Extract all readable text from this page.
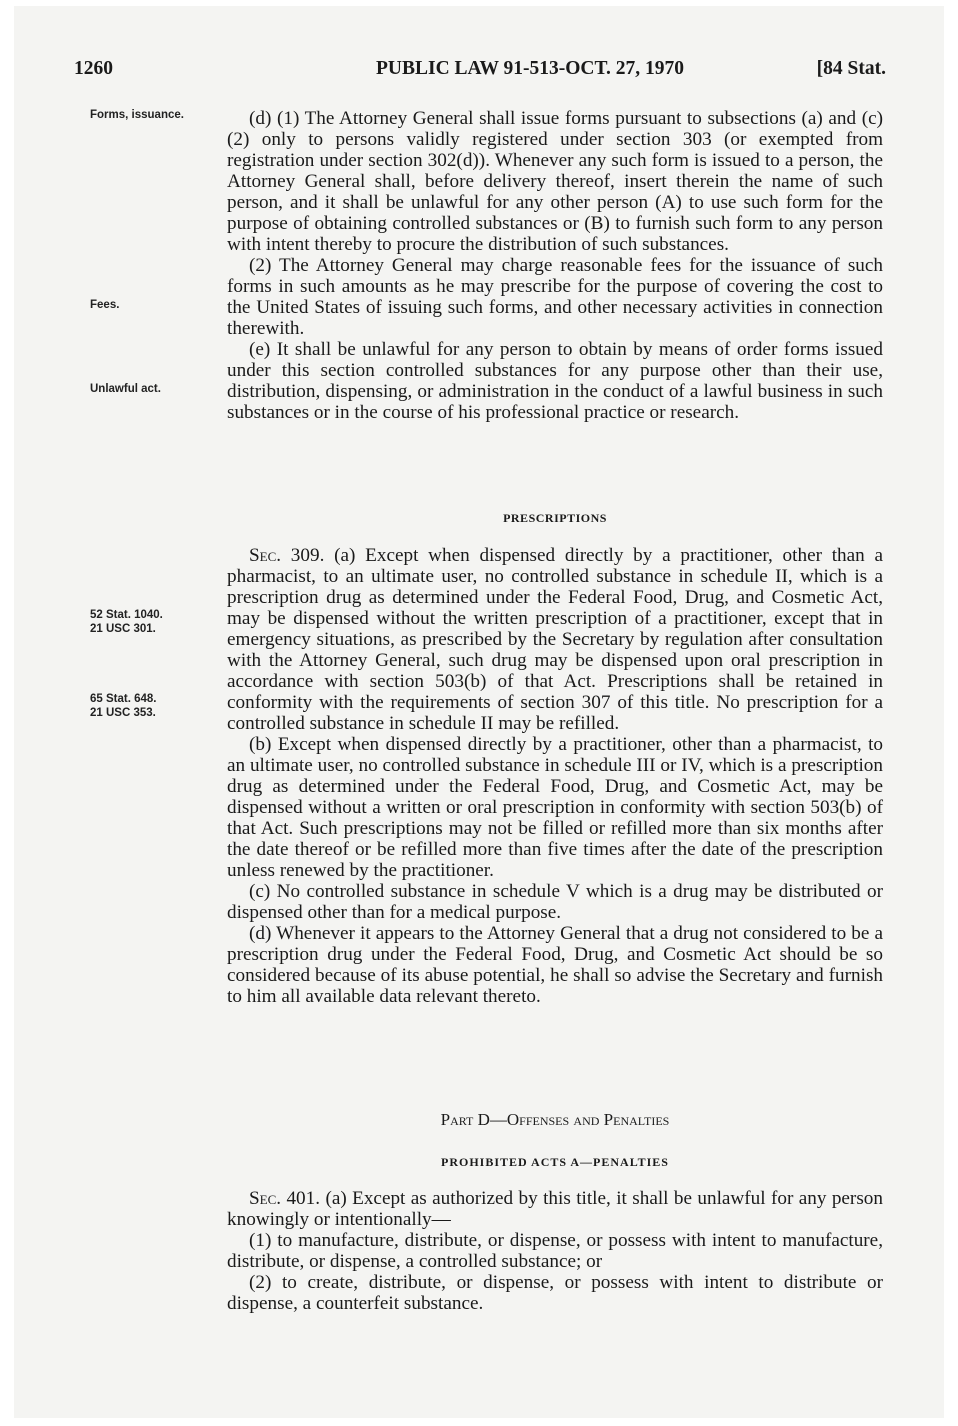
1260	PUBLIC LAW 91-513-OCT. 27, 1970	[84 Stat.
Forms, issuance.
Fees.
Unlawful act.
52 Stat. 1040.
21 USC 301.
65 Stat. 648.
21 USC 353.

(d) (1) The Attorney General shall issue forms pursuant to subsections (a) and (c) (2) only to persons validly registered under section 303 (or exempted from registration under section 302(d)). Whenever any such form is issued to a person, the Attorney General shall, before delivery thereof, insert therein the name of such person, and it shall be unlawful for any other person (A) to use such form for the purpose of obtaining controlled substances or (B) to furnish such form to any person with intent thereby to procure the distribution of such substances.

(2) The Attorney General may charge reasonable fees for the issuance of such forms in such amounts as he may prescribe for the purpose of covering the cost to the United States of issuing such forms, and other necessary activities in connection therewith.

(e) It shall be unlawful for any person to obtain by means of order forms issued under this section controlled substances for any purpose other than their use, distribution, dispensing, or administration in the conduct of a lawful business in such substances or in the course of his professional practice or research.

PRESCRIPTIONS

Sec. 309. (a) Except when dispensed directly by a practitioner, other than a pharmacist, to an ultimate user, no controlled substance in schedule II, which is a prescription drug as determined under the Federal Food, Drug, and Cosmetic Act, may be dispensed without the written prescription of a practitioner, except that in emergency situations, as prescribed by the Secretary by regulation after consultation with the Attorney General, such drug may be dispensed upon oral prescription in accordance with section 503(b) of that Act. Prescriptions shall be retained in conformity with the requirements of section 307 of this title. No prescription for a controlled substance in schedule II may be refilled.

(b) Except when dispensed directly by a practitioner, other than a pharmacist, to an ultimate user, no controlled substance in schedule III or IV, which is a prescription drug as determined under the Federal Food, Drug, and Cosmetic Act, may be dispensed without a written or oral prescription in conformity with section 503(b) of that Act. Such prescriptions may not be filled or refilled more than six months after the date thereof or be refilled more than five times after the date of the prescription unless renewed by the practitioner.

(c) No controlled substance in schedule V which is a drug may be distributed or dispensed other than for a medical purpose.

(d) Whenever it appears to the Attorney General that a drug not considered to be a prescription drug under the Federal Food, Drug, and Cosmetic Act should be so considered because of its abuse potential, he shall so advise the Secretary and furnish to him all available data relevant thereto.

Part D—Offenses and Penalties
PROHIBITED ACTS A—PENALTIES

Sec. 401. (a) Except as authorized by this title, it shall be unlawful for any person knowingly or intentionally—

(1) to manufacture, distribute, or dispense, or possess with intent to manufacture, distribute, or dispense, a controlled substance; or

(2) to create, distribute, or dispense, or possess with intent to distribute or dispense, a counterfeit substance.
